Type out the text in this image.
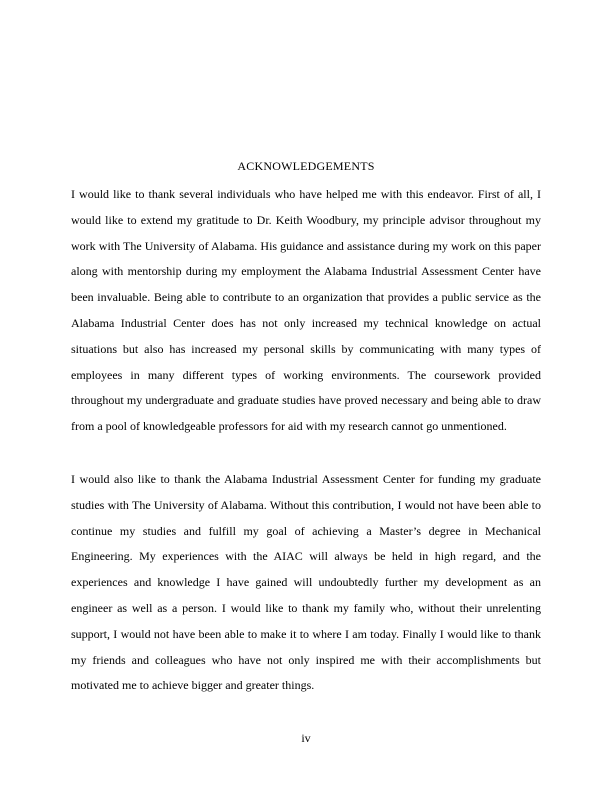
ACKNOWLEDGEMENTS

I would like to thank several individuals who have helped me with this endeavor. First of all, I would like to extend my gratitude to Dr. Keith Woodbury, my principle advisor throughout my work with The University of Alabama. His guidance and assistance during my work on this paper along with mentorship during my employment the Alabama Industrial Assessment Center have been invaluable. Being able to contribute to an organization that provides a public service as the Alabama Industrial Center does has not only increased my technical knowledge on actual situations but also has increased my personal skills by communicating with many types of employees in many different types of working environments. The coursework provided throughout my undergraduate and graduate studies have proved necessary and being able to draw from a pool of knowledgeable professors for aid with my research cannot go unmentioned.

I would also like to thank the Alabama Industrial Assessment Center for funding my graduate studies with The University of Alabama. Without this contribution, I would not have been able to continue my studies and fulfill my goal of achieving a Master’s degree in Mechanical Engineering. My experiences with the AIAC will always be held in high regard, and the experiences and knowledge I have gained will undoubtedly further my development as an engineer as well as a person. I would like to thank my family who, without their unrelenting support, I would not have been able to make it to where I am today. Finally I would like to thank my friends and colleagues who have not only inspired me with their accomplishments but motivated me to achieve bigger and greater things.

iv
